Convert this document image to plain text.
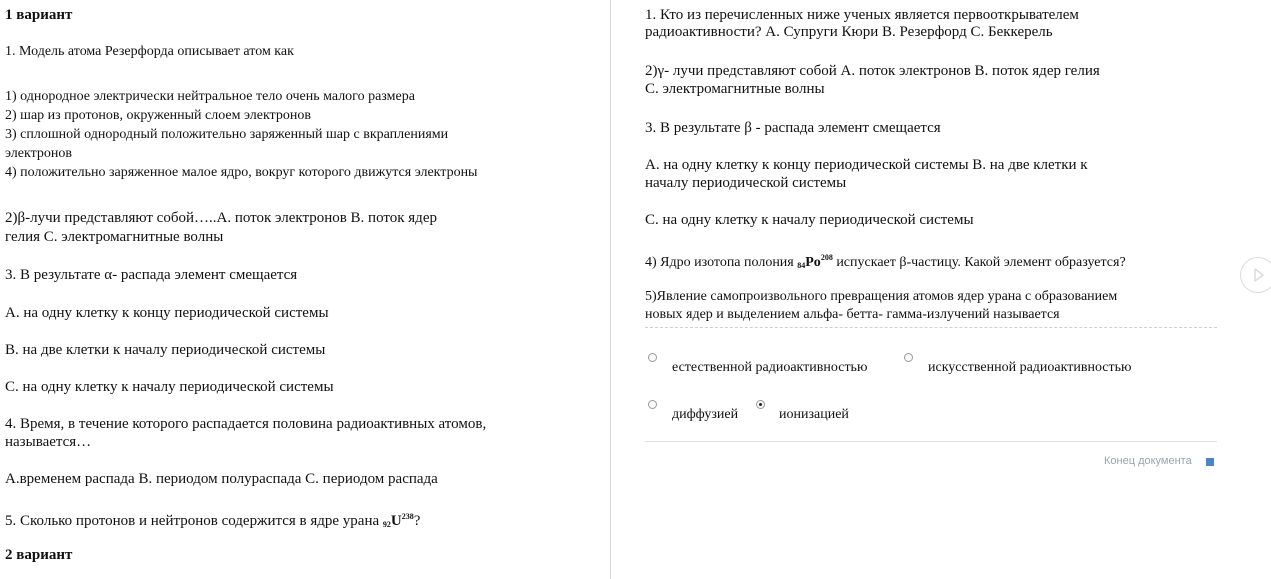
1 вариант
1. Модель атома Резерфорда описывает атом как
1) однородное электрически нейтральное тело очень малого размера
2) шар из протонов, окруженный слоем электронов
3) сплошной однородный положительно заряженный шар с вкраплениями
электронов
4) положительно заряженное малое ядро, вокруг которого движутся электроны
2)β-лучи представляют собой…..А. поток электронов В. поток ядер
гелия С. электромагнитные волны
3. В результате α- распада элемент смещается
А. на одну клетку к концу периодической системы
В. на две клетки к началу периодической системы
С. на одну клетку к началу периодической системы
4. Время, в течение которого распадается половина радиоактивных атомов,
называется…
А.временем распада В. периодом полураспада С. периодом распада
5. Сколько протонов и нейтронов содержится в ядре урана $_{92}U^{238}$?
2 вариант
1. Кто из перечисленных ниже ученых является первооткрывателем
радиоактивности? А. Супруги Кюри В. Резерфорд С. Беккерель
2)γ- лучи представляют собой А. поток электронов В. поток ядер гелия
С. электромагнитные волны
3. В результате β - распада элемент смещается
А. на одну клетку к концу периодической системы В. на две клетки к
началу периодической системы
С. на одну клетку к началу периодической системы
4) Ядро изотопа полония $_{84}Po^{208}$ испускает β-частицу. Какой элемент образуется?
5)Явление самопроизвольного превращения атомов ядер урана с образованием
новых ядер и выделением альфа- бетта- гамма-излучений называется
естественной радиоактивностью	искусственной радиоактивностью
диффузией	ионизацией
Конец документа
